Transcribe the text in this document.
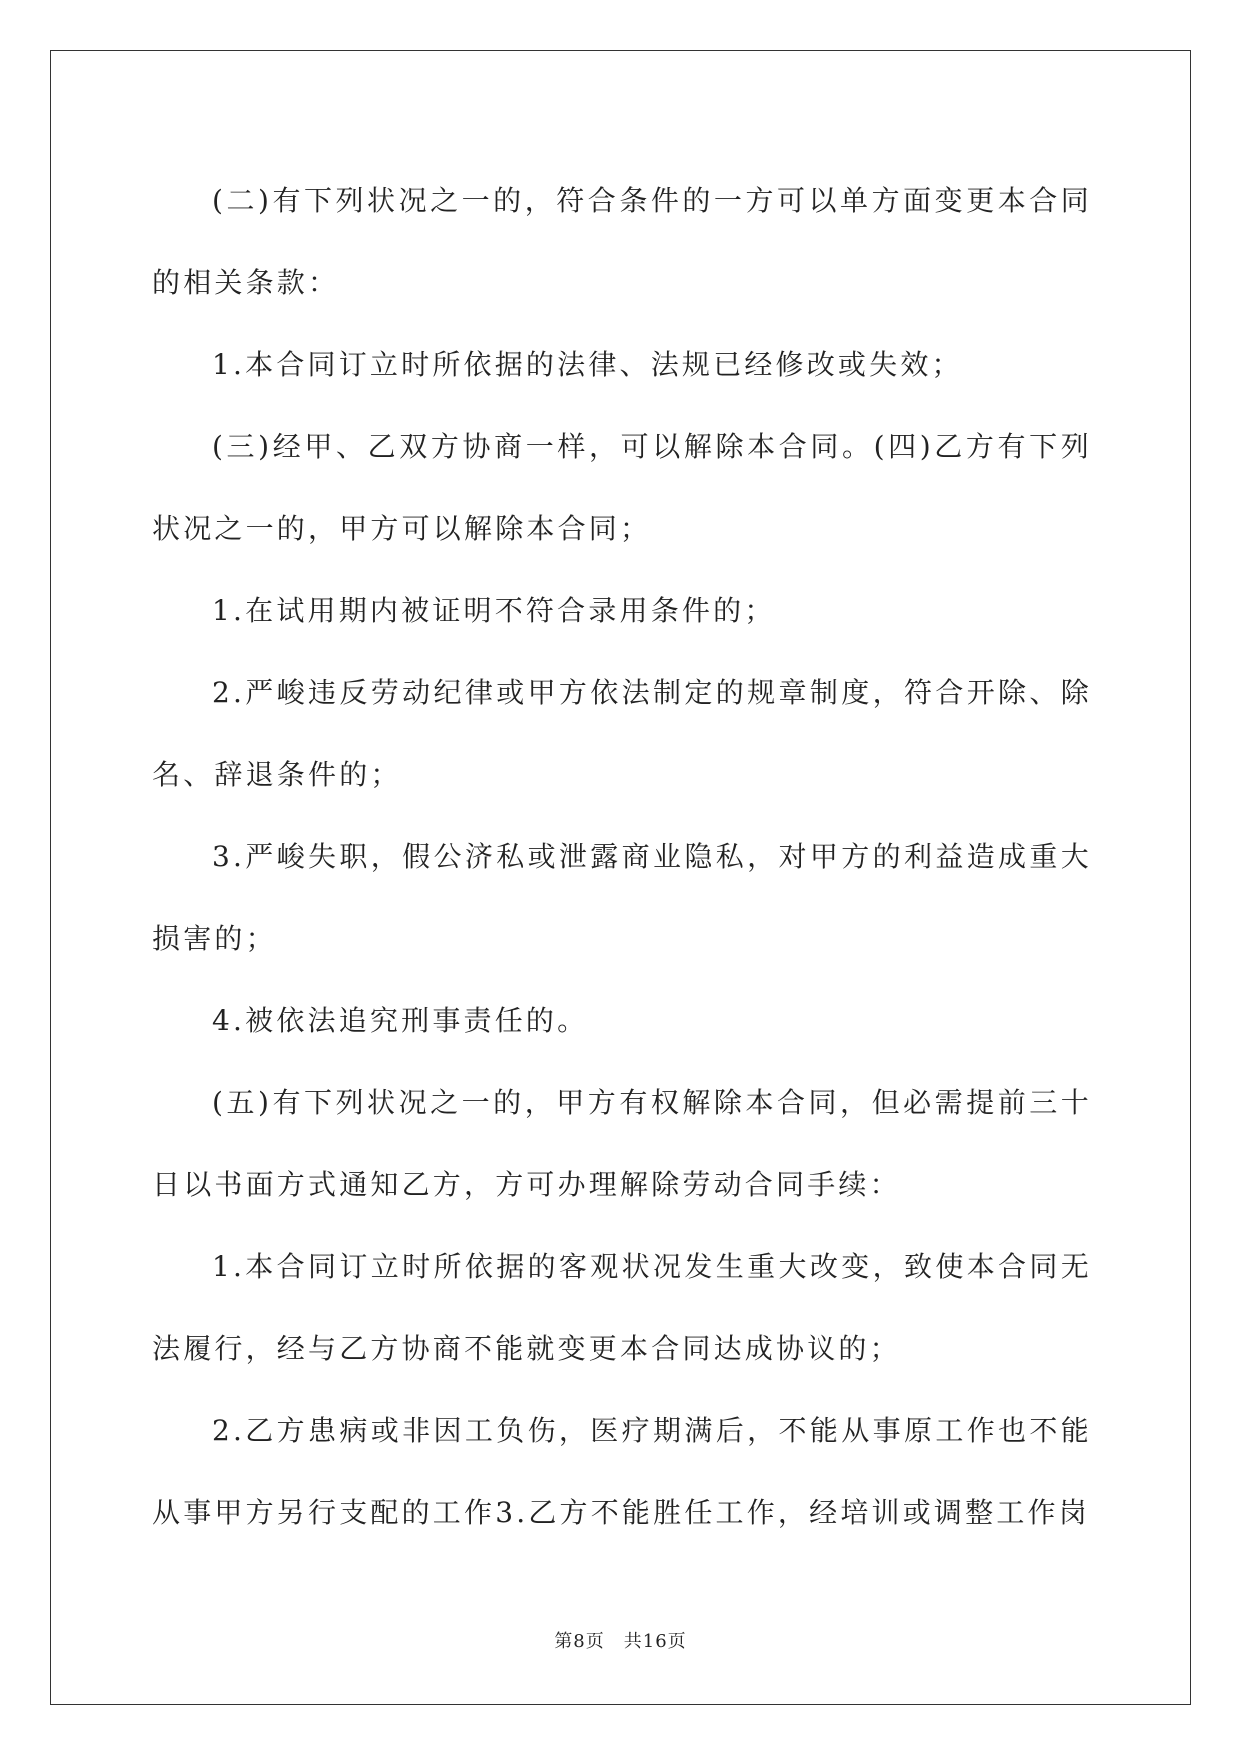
(二)有下列状况之一的，符合条件的一方可以单方面变更本合同的相关条款：

1.本合同订立时所依据的法律、法规已经修改或失效；

(三)经甲、乙双方协商一样，可以解除本合同。(四)乙方有下列状况之一的，甲方可以解除本合同；

1.在试用期内被证明不符合录用条件的；

2.严峻违反劳动纪律或甲方依法制定的规章制度，符合开除、除名、辞退条件的；

3.严峻失职，假公济私或泄露商业隐私，对甲方的利益造成重大损害的；

4.被依法追究刑事责任的。

(五)有下列状况之一的，甲方有权解除本合同，但必需提前三十日以书面方式通知乙方，方可办理解除劳动合同手续：

1.本合同订立时所依据的客观状况发生重大改变，致使本合同无法履行，经与乙方协商不能就变更本合同达成协议的；

2.乙方患病或非因工负伤，医疗期满后，不能从事原工作也不能从事甲方另行支配的工作3.乙方不能胜任工作，经培训或调整工作岗

第8页　共16页
